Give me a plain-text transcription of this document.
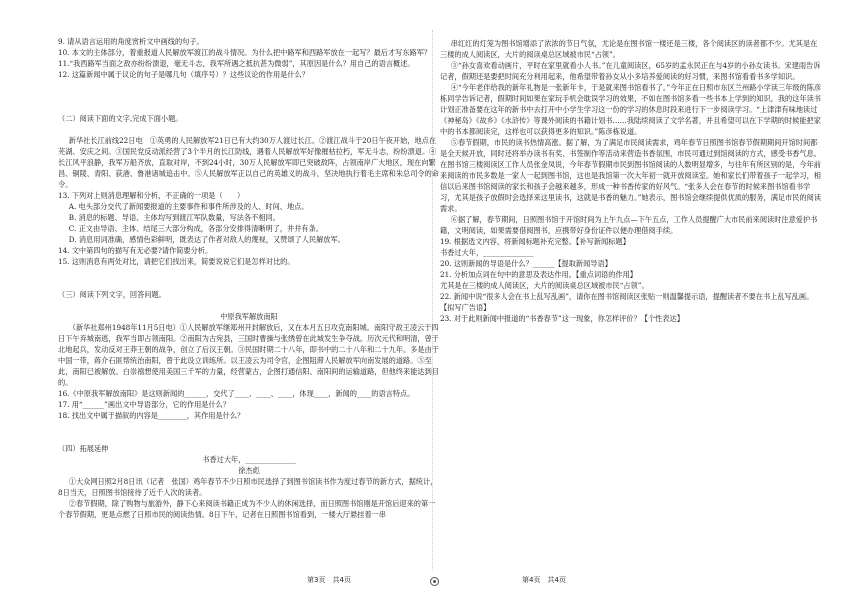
9. 请从语言运用的角度赏析文中画线的句子。

10. 本文的主体部分，着重报道人民解放军渡江的战斗情况。为什么把中路军和西路军放在一起写？最后才写东路军？

11.“我西路军当面之敌亦纷纷溃退，毫无斗志，我军所遇之抵抗甚为微弱”，其原因是什么？用自己的语言概述。

12. 这篇新闻中属于议论的句子是哪几句（填序号）？这些议论的作用是什么？

（二）阅读下面的文字,完成下面小题。

新华社长江前线22日电　①英勇的人民解放军21日已有大约30万人渡过长江。②渡江战斗于20日午夜开始，地点在芜湖、安庆之间。③国民党反动派经营了3个半月的长江防线，遇着人民解放军好像摧枯拉朽，军无斗志，纷纷溃退。④长江风平浪静，我军万船齐放，直取对岸，不到24小时，30万人民解放军即已突破敌阵，占领南岸广大地区，现在向繁昌、铜陵、青阳、荻港、鲁港诸城追击中。⑤人民解放军正以自己的英雄义的战斗，坚决地执行着毛主席和朱总司令的命令。

13. 下列对上则消息理解和分析，不正确的一项是（　　）

A. 电头部分交代了新闻要报道的主要事件和事件所涉及的人、时间、地点。

B. 消息的标题、导语、主体均写到渡江军队数量，写法各不相同。

C. 正文由导语、主体、结尾三大部分构成，各部分安排得清晰明了，井井有条。

D. 消息用词准确，感情色彩鲜明，既表达了作者对敌人的蔑视，又赞颂了人民解放军。

14. 文中第四句的描写有无必要?请作简要分析。

15. 这则消息有两处对比，请把它们找出来，简要说说它们是怎样对比的。

（三）阅读下列文字，回答问题。

中原我军解放南阳

（新华社郑州1948年11月5日电）①人民解放军继郑州开封解放后，又在本月五日攻克南阳城。南阳守敌王凌云于四日下午弃城南逃，我军当即占领南阳。②南阳为古宛县，三国时曹操与张绣曾在此城发生争夺战。历次元代和明清，曾于北地起兵，发动反对王莽王朝的战争，创立了后汉王朝。③民国时期二十八年，即书中的二十八年和二十九年。多是由于中国一带，蒋介石匪帮统治南阳，曾于此设立训练所。以王凌云为司令官，企图阻滞人民解放军向南发展的道路。⑤至此，南阳已被解放。白崇禧想使用美国三千军的力量，经营蒙古，企图打通信阳、南阳间的运输道路，但他终来能达到目的。

16.《中原我军解放南阳》是这则新闻的______，交代了____、____、____，体现____，新闻的____的语言特点。

17. 用“______”画出文中导语部分，它的作用是什么？

18. 找出文中属于描叙的内容是________，其作用是什么？

（四）拓展延伸

书香过大年，______________

徐杰彪

①大众网日照2月8日讯（记者　张国）鸡年春节不少日照市民选择了到图书馆读书作为度过春节的新方式，据统计，8日当天，日照图书馆接待了近千人次的读者。

②春节假期，除了购物与旅游外，静下心来阅读书籍正成为不少人的休闲选择，而日照图书馆刚是开馆后迎来的第一个春节假期，更是点燃了日照市民的阅读热情。8日下午，记者在日照图书馆看到，一楼大厅悬挂着一串

串红红的灯笼为图书馆增添了浓浓的节日气氛，尤论是在图书馆一楼还是三楼，各个阅读区的读者都不少。尤其是在三楼的成人阅读区，大片的阅读桌总区域被市民“占领”。

③“孙女喜欢看动画片，平时在家里就看小人书。”在儿童阅读区，65岁的孟永民正在与4岁的小孙女读书。宋建雨告诉记者，假期还是要把时间充分利用起来，他希望带着孙女从小多培养爱阅读的好习惯，来图书馆看看书多学知识。

④“今年老伴给我的新年礼物是一张新年卡，于是就来图书馆看书了。”今年正在日照市东区兰州路小学读三年级的陈彦栋同学告诉记者，假期时间如果在家玩手机会耽误学习的效果，不如在图书馆多看一些书本上学到的知识，我的这年读书计划正准备要在这年的新书中去打开中小学生学习这一份的学习的休息时段来进行下一步阅读学习。“上津津有味地读过《神秘岛》《故乡》《水浒传》等课外阅读的书籍计划书……我陆续阅读了文学名著，并且希望可以在下学期的时候能把家中的书本都阅读完，这样也可以获得更多的知识。”陈彦栋说道。

⑤春节假期，市民的读书热情高涨。据了解，为了满足市民阅读需求，鸡年春节日照图书馆春节假期期间开馆时间都是全天候开放，同时还将举办读书有奖、书签制作等活动来营造书香氛围，市民可通过到馆阅读的方式，感受书香气息。在图书馆三楼阅读区工作人员张金凤说，今年春节假期市民到图书馆阅读的人数明显增多，与往年有所区别的是，今年前来阅读的市民多数是一家人一起到图书馆，这也是我馆第一次大年初一就开放阅读室。她和家长们带着孩子一起学习，相信以后来图书馆阅读的家长和孩子会越来越多，形成一种书香传家的好风气。“张多人会在春节的时候来图书馆看书学习，尤其是孩子放假时会选择来这里读书，这就是书香的魅力。”她表示，图书馆会继续提供优质的服务，满足市民的阅读需求。

⑥据了解，春节期间，日照图书馆于开馆时间为上午九点—下午五点，工作人员提醒广大市民前来阅读时注意爱护书籍，文明阅读，如果需要借阅图书，应携带好身份证件以便办理借阅手续。

19. 根据选文内容，将新闻标题补充完整。【补写新闻标题】

书香过大年，______________

20. 这则新闻的导语是什么？______【提取新闻导语】

21. 分析加点词在句中的意思及表达作用。【重点词语的作用】

尤其是在三楼的成人阅读区，大片的阅读桌总区域被市民“占领”。

22. 新闻中说“很多人会在书上乱写乱画”，请你在图书馆阅读区张贴一则温馨提示语，提醒读者不要在书上乱写乱画。【拟写广告语】

23. 对于此则新闻中报道的“书香春节”这一现象，你怎样评价？【个性表达】

第3页　共4页	第4页　共4页
